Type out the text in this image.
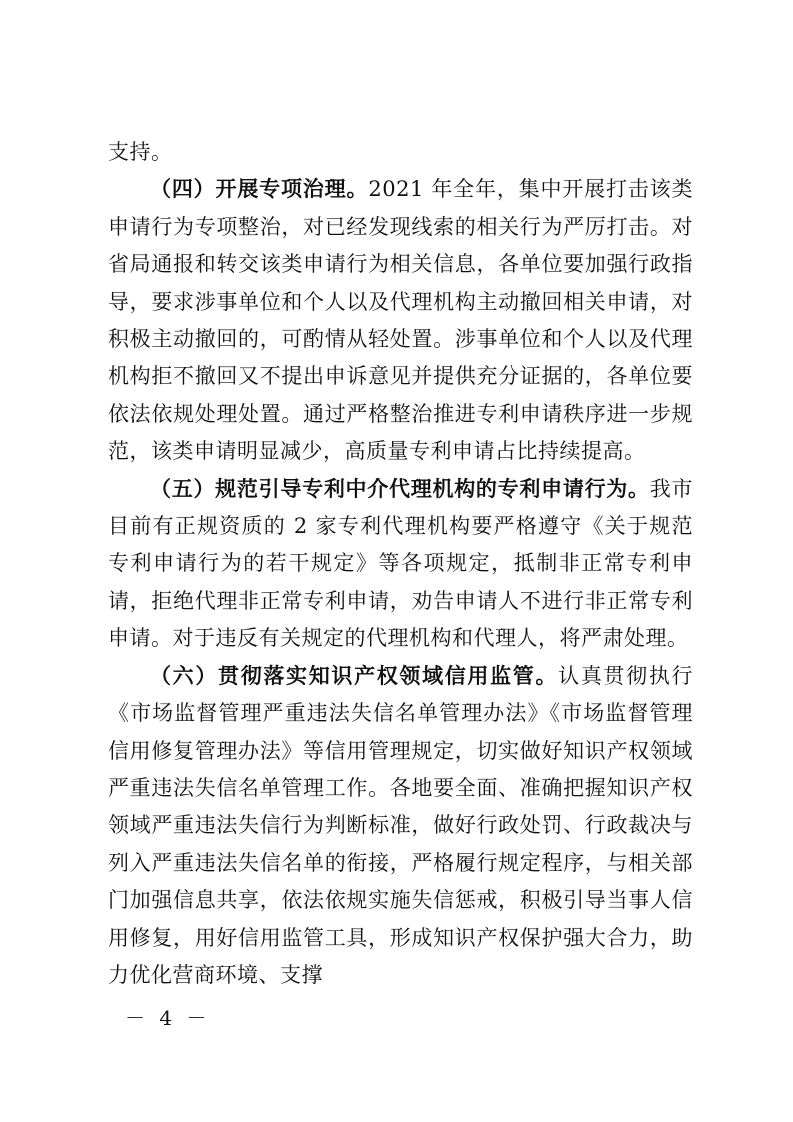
支持。

（四）开展专项治理。2021 年全年，集中开展打击该类申请行为专项整治，对已经发现线索的相关行为严厉打击。对省局通报和转交该类申请行为相关信息，各单位要加强行政指导，要求涉事单位和个人以及代理机构主动撤回相关申请，对积极主动撤回的，可酌情从轻处置。涉事单位和个人以及代理机构拒不撤回又不提出申诉意见并提供充分证据的，各单位要依法依规处理处置。通过严格整治推进专利申请秩序进一步规范，该类申请明显减少，高质量专利申请占比持续提高。

（五）规范引导专利中介代理机构的专利申请行为。我市目前有正规资质的 2 家专利代理机构要严格遵守《关于规范专利申请行为的若干规定》等各项规定，抵制非正常专利申请，拒绝代理非正常专利申请，劝告申请人不进行非正常专利申请。对于违反有关规定的代理机构和代理人，将严肃处理。

（六）贯彻落实知识产权领域信用监管。认真贯彻执行《市场监督管理严重违法失信名单管理办法》《市场监督管理信用修复管理办法》等信用管理规定，切实做好知识产权领域严重违法失信名单管理工作。各地要全面、准确把握知识产权领域严重违法失信行为判断标准，做好行政处罚、行政裁决与列入严重违法失信名单的衔接，严格履行规定程序，与相关部门加强信息共享，依法依规实施失信惩戒，积极引导当事人信用修复，用好信用监管工具，形成知识产权保护强大合力，助力优化营商环境、支撑

－ 4 －
